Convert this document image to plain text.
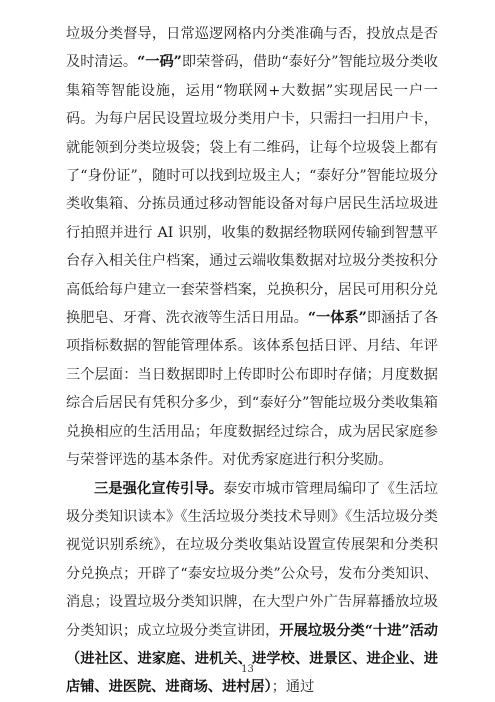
垃圾分类督导，日常巡逻网格内分类准确与否，投放点是否及时清运。“一码”即荣誉码，借助“泰好分”智能垃圾分类收集箱等智能设施，运用“物联网+大数据”实现居民一户一码。为每户居民设置垃圾分类用户卡，只需扫一扫用户卡，就能领到分类垃圾袋；袋上有二维码，让每个垃圾袋上都有了“身份证”，随时可以找到垃圾主人；“泰好分”智能垃圾分类收集箱、分拣员通过移动智能设备对每户居民生活垃圾进行拍照并进行 AI 识别，收集的数据经物联网传输到智慧平台存入相关住户档案，通过云端收集数据对垃圾分类按积分高低给每户建立一套荣誉档案，兑换积分，居民可用积分兑换肥皂、牙膏、洗衣液等生活日用品。“一体系”即涵括了各项指标数据的智能管理体系。该体系包括日评、月结、年评三个层面：当日数据即时上传即时公布即时存储；月度数据综合后居民有凭积分多少，到“泰好分”智能垃圾分类收集箱兑换相应的生活用品；年度数据经过综合，成为居民家庭参与荣誉评选的基本条件。对优秀家庭进行积分奖励。

三是强化宣传引导。泰安市城市管理局编印了《生活垃圾分类知识读本》《生活垃圾分类技术导则》《生活垃圾分类视觉识别系统》，在垃圾分类收集站设置宣传展架和分类积分兑换点；开辟了“泰安垃圾分类”公众号，发布分类知识、消息；设置垃圾分类知识牌，在大型户外广告屏幕播放垃圾分类知识；成立垃圾分类宣讲团，开展垃圾分类“十进”活动（进社区、进家庭、进机关、进学校、进景区、进企业、进店铺、进医院、进商场、进村居）；通过

13
